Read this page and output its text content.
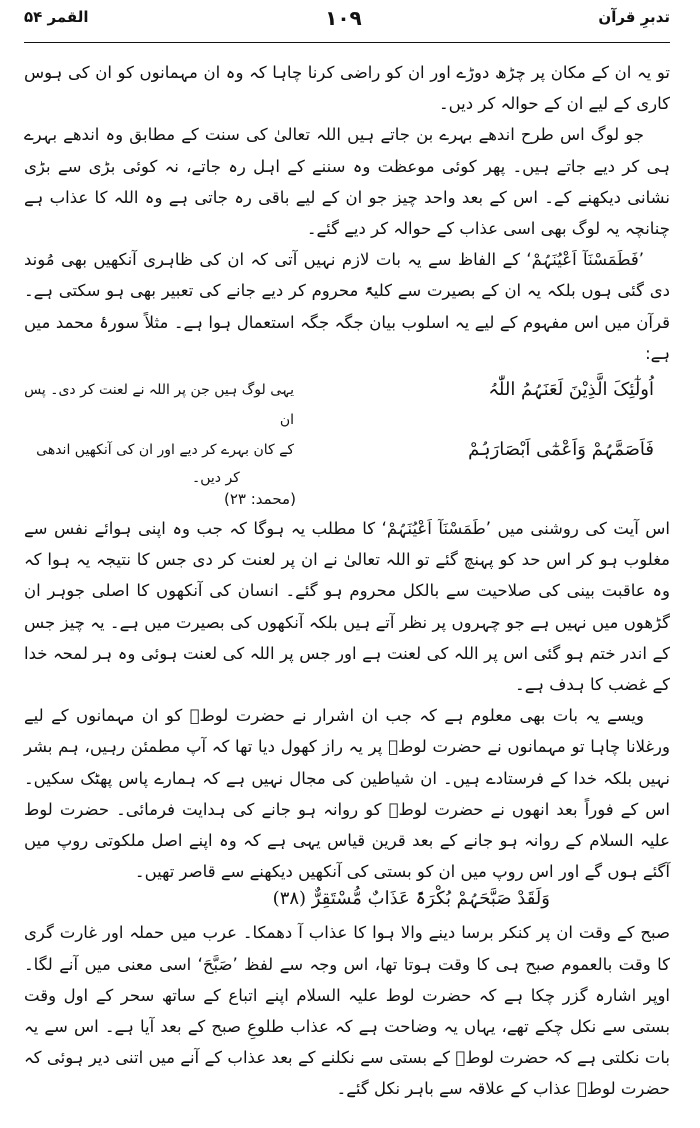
تدبرِ قرآن
۱۰۹
القمر ۵۴

تو یہ ان کے مکان پر چڑھ دوڑے اور ان کو راضی کرنا چاہا کہ وہ ان مہمانوں کو ان کی ہوس کاری کے لیے ان کے حوالہ کر دیں۔

جو لوگ اس طرح اندھے بہرے بن جاتے ہیں اللہ تعالیٰ کی سنت کے مطابق وہ اندھے بہرے ہی کر دیے جاتے ہیں۔ پھر کوئی موعظت وہ سننے کے اہل رہ جاتے، نہ کوئی بڑی سے بڑی نشانی دیکھنے کے۔ اس کے بعد واحد چیز جو ان کے لیے باقی رہ جاتی ہے وہ اللہ کا عذاب ہے چنانچہ یہ لوگ بھی اسی عذاب کے حوالہ کر دیے گئے۔

’فَطَمَسْنَآ اَعْیُنَہُمْ‘ کے الفاظ سے یہ بات لازم نہیں آتی کہ ان کی ظاہری آنکھیں بھی مُوند دی گئی ہوں بلکہ یہ ان کے بصیرت سے کلیۃً محروم کر دیے جانے کی تعبیر بھی ہو سکتی ہے۔ قرآن میں اس مفہوم کے لیے یہ اسلوب بیان جگہ جگہ استعمال ہوا ہے۔ مثلاً سورۂ محمد میں ہے:

اُولٰٓئِکَ الَّذِیْنَ لَعَنَہُمُ اللّٰہُ
یہی لوگ ہیں جن پر اللہ نے لعنت کر دی۔ پس ان
فَاَصَمَّہُمْ وَاَعْمٰٓی اَبْصَارَہُمْ
کے کان بہرے کر دیے اور ان کی آنکھیں اندھی
کر دیں۔
(محمد: ۲۳)

اس آیت کی روشنی میں ’طَمَسْنَآ اَعْیُنَہُمْ‘ کا مطلب یہ ہوگا کہ جب وہ اپنی ہوائے نفس سے مغلوب ہو کر اس حد کو پہنچ گئے تو اللہ تعالیٰ نے ان پر لعنت کر دی جس کا نتیجہ یہ ہوا کہ وہ عاقبت بینی کی صلاحیت سے بالکل محروم ہو گئے۔ انسان کی آنکھوں کا اصلی جوہر ان گڑھوں میں نہیں ہے جو چہروں پر نظر آتے ہیں بلکہ آنکھوں کی بصیرت میں ہے۔ یہ چیز جس کے اندر ختم ہو گئی اس پر اللہ کی لعنت ہے اور جس پر اللہ کی لعنت ہوئی وہ ہر لمحہ خدا کے غضب کا ہدف ہے۔

ویسے یہ بات بھی معلوم ہے کہ جب ان اشرار نے حضرت لوطؑ کو ان مہمانوں کے لیے ورغلانا چاہا تو مہمانوں نے حضرت لوطؑ پر یہ راز کھول دیا تھا کہ آپ مطمئن رہیں، ہم بشر نہیں بلکہ خدا کے فرستادے ہیں۔ ان شیاطین کی مجال نہیں ہے کہ ہمارے پاس پھٹک سکیں۔ اس کے فوراً بعد انھوں نے حضرت لوطؑ کو روانہ ہو جانے کی ہدایت فرمائی۔ حضرت لوط علیہ السلام کے روانہ ہو جانے کے بعد قرین قیاس یہی ہے کہ وہ اپنے اصل ملکوتی روپ میں آگئے ہوں گے اور اس روپ میں ان کو بستی کی آنکھیں دیکھنے سے قاصر تھیں۔

وَلَقَدْ صَبَّحَہُمْ بُکْرَۃً عَذَابٌ مُّسْتَقِرٌّ (۳۸)

صبح کے وقت ان پر کنکر برسا دینے والا ہوا کا عذاب آ دھمکا۔ عرب میں حملہ اور غارت گری کا وقت بالعموم صبح ہی کا وقت ہوتا تھا، اس وجہ سے لفظ ’صَبَّحَ‘ اسی معنی میں آنے لگا۔ اوپر اشارہ گزر چکا ہے کہ حضرت لوط علیہ السلام اپنے اتباع کے ساتھ سحر کے اول وقت بستی سے نکل چکے تھے، یہاں یہ وضاحت ہے کہ عذاب طلوعِ صبح کے بعد آیا ہے۔ اس سے یہ بات نکلتی ہے کہ حضرت لوطؑ کے بستی سے نکلنے کے بعد عذاب کے آنے میں اتنی دیر ہوئی کہ حضرت لوطؑ عذاب کے علاقہ سے باہر نکل گئے۔
